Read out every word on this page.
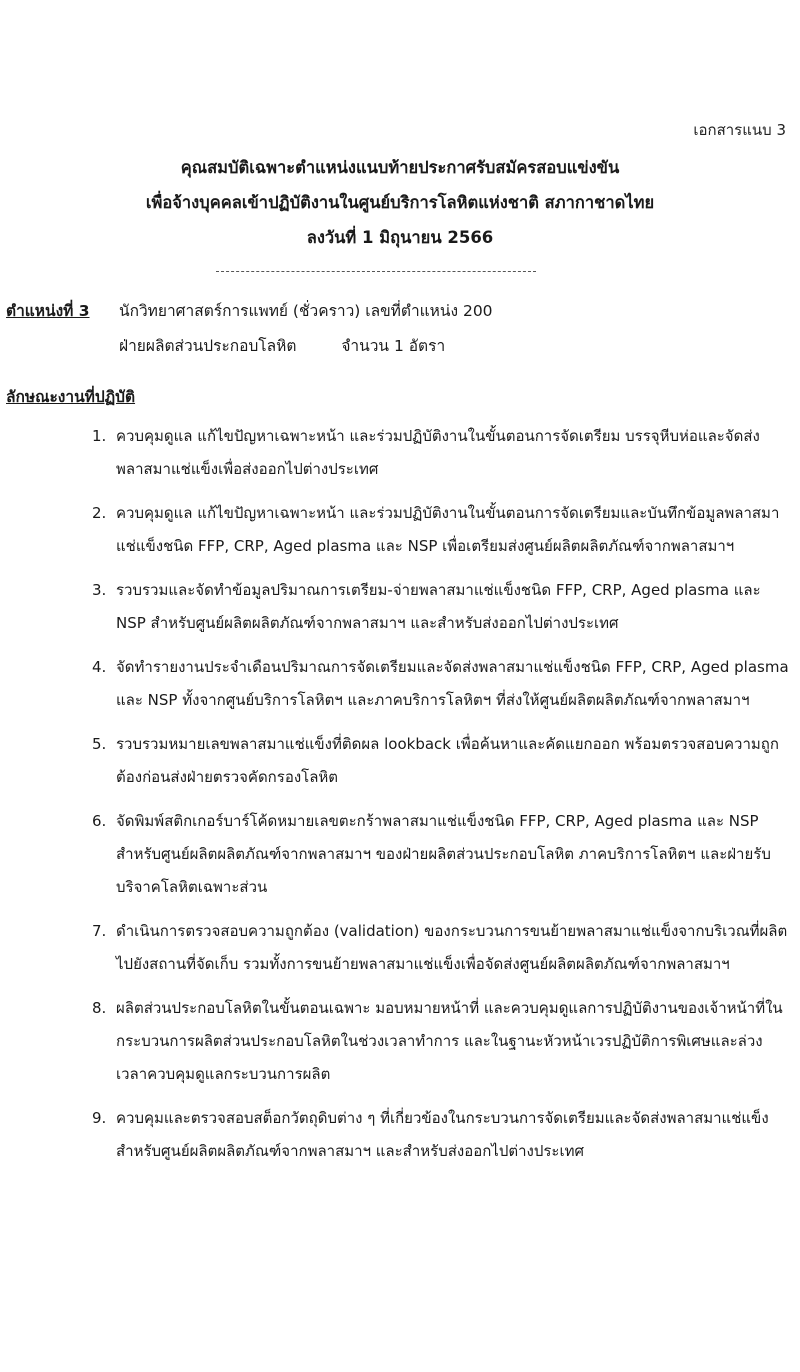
เอกสารแนบ 3
คุณสมบัติเฉพาะตำแหน่งแนบท้ายประกาศรับสมัครสอบแข่งขัน
เพื่อจ้างบุคคลเข้าปฏิบัติงานในศูนย์บริการโลหิตแห่งชาติ สภากาชาดไทย
ลงวันที่ 1 มิถุนายน 2566
ตำแหน่งที่ 3 นักวิทยาศาสตร์การแพทย์ (ชั่วคราว) เลขที่ตำแหน่ง 200
ฝ่ายผลิตส่วนประกอบโลหิต	จำนวน 1 อัตรา
ลักษณะงานที่ปฏิบัติ
1. ควบคุมดูแล แก้ไขปัญหาเฉพาะหน้า และร่วมปฏิบัติงานในขั้นตอนการจัดเตรียม บรรจุหีบห่อและจัดส่งพลาสมาแช่แข็งเพื่อส่งออกไปต่างประเทศ
2. ควบคุมดูแล แก้ไขปัญหาเฉพาะหน้า และร่วมปฏิบัติงานในขั้นตอนการจัดเตรียมและบันทึกข้อมูลพลาสมาแช่แข็งชนิด FFP, CRP, Aged plasma และ NSP เพื่อเตรียมส่งศูนย์ผลิตผลิตภัณฑ์จากพลาสมาฯ
3. รวบรวมและจัดทำข้อมูลปริมาณการเตรียม-จ่ายพลาสมาแช่แข็งชนิด FFP, CRP, Aged plasma และ NSP สำหรับศูนย์ผลิตผลิตภัณฑ์จากพลาสมาฯ และสำหรับส่งออกไปต่างประเทศ
4. จัดทำรายงานประจำเดือนปริมาณการจัดเตรียมและจัดส่งพลาสมาแช่แข็งชนิด FFP, CRP, Aged plasma และ NSP ทั้งจากศูนย์บริการโลหิตฯ และภาคบริการโลหิตฯ ที่ส่งให้ศูนย์ผลิตผลิตภัณฑ์จากพลาสมาฯ
5. รวบรวมหมายเลขพลาสมาแช่แข็งที่ติดผล lookback เพื่อค้นหาและคัดแยกออก พร้อมตรวจสอบความถูกต้องก่อนส่งฝ่ายตรวจคัดกรองโลหิต
6. จัดพิมพ์สติกเกอร์บาร์โค้ดหมายเลขตะกร้าพลาสมาแช่แข็งชนิด FFP, CRP, Aged plasma และ NSP สำหรับศูนย์ผลิตผลิตภัณฑ์จากพลาสมาฯ ของฝ่ายผลิตส่วนประกอบโลหิต ภาคบริการโลหิตฯ และฝ่ายรับบริจาคโลหิตเฉพาะส่วน
7. ดำเนินการตรวจสอบความถูกต้อง (validation) ของกระบวนการขนย้ายพลาสมาแช่แข็งจากบริเวณที่ผลิตไปยังสถานที่จัดเก็บ รวมทั้งการขนย้ายพลาสมาแช่แข็งเพื่อจัดส่งศูนย์ผลิตผลิตภัณฑ์จากพลาสมาฯ
8. ผลิตส่วนประกอบโลหิตในขั้นตอนเฉพาะ มอบหมายหน้าที่ และควบคุมดูแลการปฏิบัติงานของเจ้าหน้าที่ในกระบวนการผลิตส่วนประกอบโลหิตในช่วงเวลาทำการ และในฐานะหัวหน้าเวรปฏิบัติการพิเศษและล่วงเวลาควบคุมดูแลกระบวนการผลิต
9. ควบคุมและตรวจสอบสต็อกวัตถุดิบต่าง ๆ ที่เกี่ยวข้องในกระบวนการจัดเตรียมและจัดส่งพลาสมาแช่แข็งสำหรับศูนย์ผลิตผลิตภัณฑ์จากพลาสมาฯ และสำหรับส่งออกไปต่างประเทศ
